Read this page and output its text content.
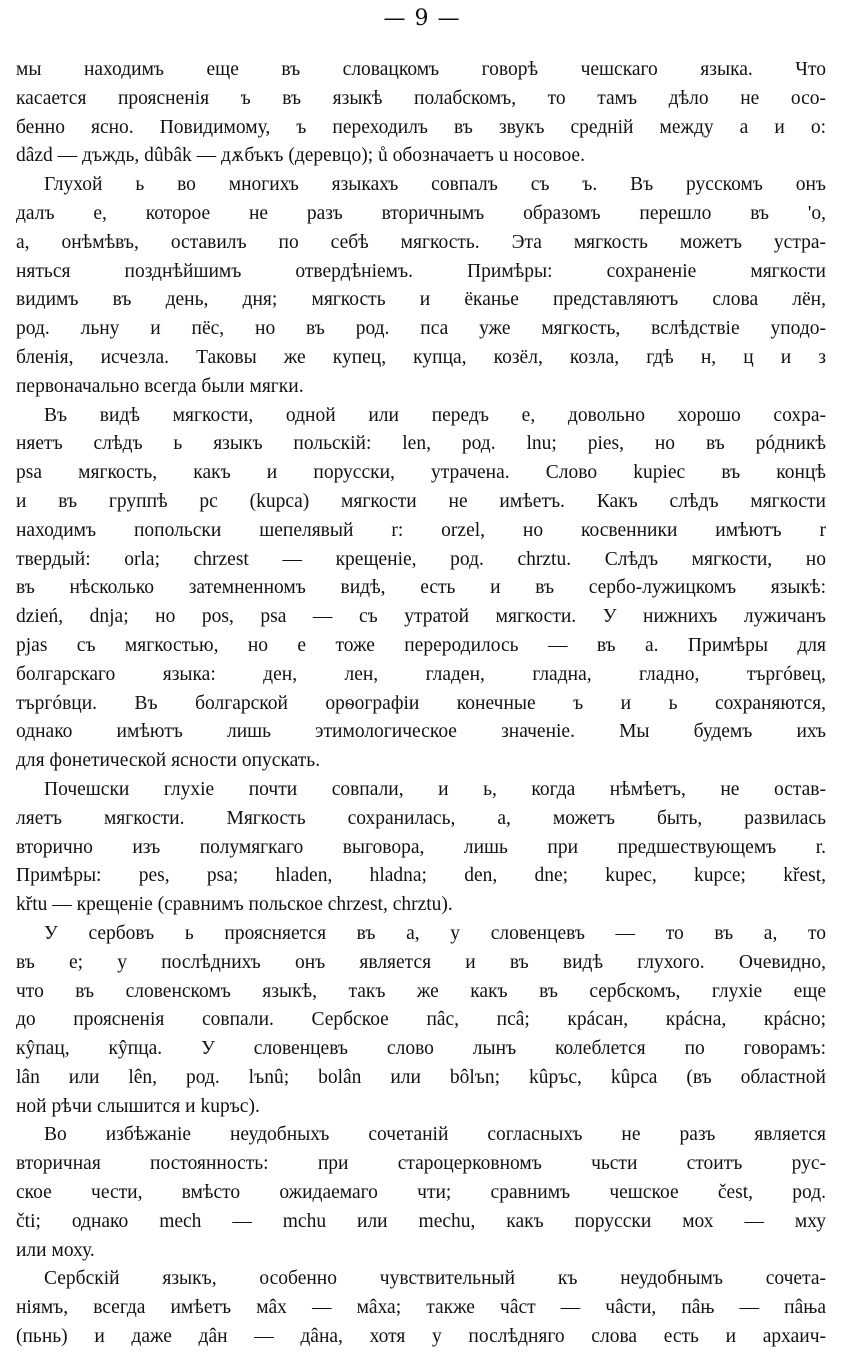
— 9 —
мы находимъ еще въ словацкомъ говорѣ чешскаго языка. Что
касается проясненія ъ въ языкѣ полабскомъ, то тамъ дѣло не осо-
бенно ясно. Повидимому, ъ переходилъ въ звукъ средній между а и о:
dâzd — дъждь, dûbâk — дѫбъкъ (деревцо); ů обозначаетъ u носовое.
Глухой ь во многихъ языкахъ совпалъ съ ъ. Въ русскомъ онъ
далъ е, которое не разъ вторичнымъ образомъ перешло въ 'о,
а, онѣмѣвъ, оставилъ по себѣ мягкость. Эта мягкость можетъ устра-
няться позднѣйшимъ отвердѣніемъ. Примѣры: сохраненіе мягкости
видимъ въ день, дня; мягкость и ёканье представляютъ слова лён,
род. льну и пёс, но въ род. пса уже мягкость, вслѣдствіе уподо-
бленія, исчезла. Таковы же купец, купца, козёл, козла, гдѣ н, ц и з
первоначально всегда были мягки.
Въ видѣ мягкости, одной или передъ е, довольно хорошо сохра-
няетъ слѣдъ ь языкъ польскій: len, род. lnu; pies, но въ рóдникѣ
psa мягкость, какъ и порусски, утрачена. Слово kupiec въ концѣ
и въ группѣ pc (kupca) мягкости не имѣетъ. Какъ слѣдъ мягкости
находимъ попольски шепелявый r: orzel, но косвенники имѣютъ r
твердый: orla; chrzest — крещеніе, род. chrztu. Слѣдъ мягкости, но
въ нѣсколько затемненномъ видѣ, есть и въ сербо-лужицкомъ языкѣ:
dzień, dnja; но pos, psa — съ утратой мягкости. У нижнихъ лужичанъ
pjas съ мягкостью, но е тоже переродилось — въ а. Примѣры для
болгарскаго языка: ден, лен, гладен, гладна, гладно, търгóвец,
търгóвци. Въ болгарской орѳографіи конечные ъ и ь сохраняются,
однако имѣютъ лишь этимологическое значеніе. Мы будемъ ихъ
для фонетической ясности опускать.
Почешски глухіе почти совпали, и ь, когда нѣмѣетъ, не остав-
ляетъ мягкости. Мягкость сохранилась, а, можетъ быть, развилась
вторично изъ полумягкаго выговора, лишь при предшествующемъ r.
Примѣры: pes, psa; hladen, hladna; den, dne; kupec, kupce; křest,
křtu — крещеніе (сравнимъ польское chrzest, chrztu).
У сербовъ ь проясняется въ а, у словенцевъ — то въ а, то
въ е; у послѣднихъ онъ является и въ видѣ глухого. Очевидно,
что въ словенскомъ языкѣ, такъ же какъ въ сербскомъ, глухіе еще
до проясненія совпали. Сербское пâс, псâ; крáсан, крáсна, крáсно;
кŷпац, кŷпца. У словенцевъ слово лынъ колеблется по говорамъ:
lân или lên, род. lъnû; bolân или bôlъn; kûpъc, kûpca (въ областной
ной рѣчи слышится и kupъc).
Во избѣжаніе неудобныхъ сочетаній согласныхъ не разъ является
вторичная постоянность: при староцерковномъ чьсти стоитъ рус-
ское чести, вмѣсто ожидаемаго чти; сравнимъ чешское čest, род.
čti; однако mech — mchu или mechu, какъ порусски мох — мху
или моху.
Сербскій языкъ, особенно чувствительный къ неудобнымъ сочета-
ніямъ, всегда имѣетъ мâх — мâха; также чâст — чâсти, пâњ — пâња
(пьнь) и даже дâн — дâна, хотя у послѣдняго слова есть и архаич-
